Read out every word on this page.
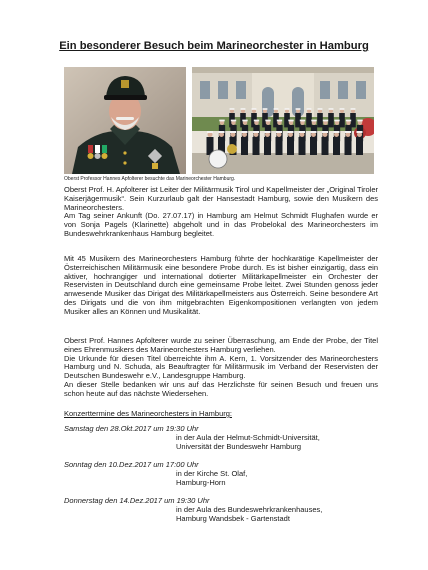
Ein besonderer Besuch beim Marineorchester in Hamburg
Oberst Professor Hannes Apfolterer besuchte das Marineorchester Hamburg.

Oberst Prof. H. Apfolterer ist Leiter der Militärmusik Tirol und Kapellmeister der „Original Tiroler Kaiserjägermusik“. Sein Kurzurlaub galt der Hansestadt Hamburg, sowie den Musikern des Marineorchesters.

Am Tag seiner Ankunft (Do. 27.07.17) in Hamburg am Helmut Schmidt Flughafen wurde er von Sonja Pagels (Klarinette) abgeholt und in das Probelokal des Marineorchesters im Bundeswehrkrankenhaus Hamburg begleitet.

Mit 45 Musikern des Marineorchesters Hamburg führte der hochkarätige Kapellmeister der Österreichischen Militärmusik eine besondere Probe durch. Es ist bisher einzigartig, dass ein aktiver, hochrangiger und international dotierter Militärkapellmeister ein Orchester der Reservisten in Deutschland durch eine gemeinsame Probe leitet. Zwei Stunden genoss jeder anwesende Musiker das Dirigat des Militärkapellmeisters aus Österreich. Seine besondere Art des Dirigats und die von ihm mitgebrachten Eigenkompositionen verlangten von jedem Musiker alles an Können und Musikalität.

Oberst Prof. Hannes Apfolterer wurde zu seiner Überraschung, am Ende der Probe, der Titel eines Ehrenmusikers des Marineorchesters Hamburg verliehen.

Die Urkunde für diesen Titel überreichte ihm A. Kern, 1. Vorsitzender des Marineorchesters Hamburg und N. Schuda, als Beauftragter für Militärmusik im Verband der Reservisten der Deutschen Bundeswehr e.V., Landesgruppe Hamburg.

An dieser Stelle bedanken wir uns auf das Herzlichste für seinen Besuch und freuen uns schon heute auf das nächste Wiedersehen.

Konzerttermine des Marineorchesters in Hamburg:
Samstag den 28.Okt.2017 um 19:30 Uhr
in der Aula der Helmut-Schmidt-Universität,
Universität der Bundeswehr Hamburg
Sonntag den 10.Dez.2017 um 17:00 Uhr
in der Kirche St. Olaf,
Hamburg-Horn
Donnerstag den 14.Dez.2017 um 19:30 Uhr
in der Aula des Bundeswehrkrankenhauses,
Hamburg Wandsbek - Gartenstadt
